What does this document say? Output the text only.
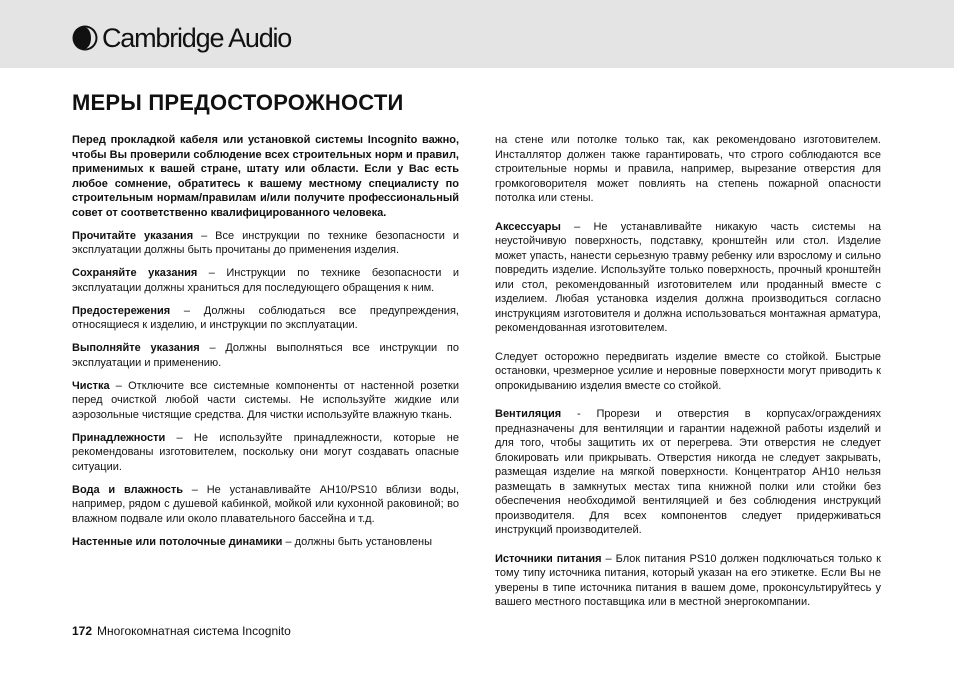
Cambridge Audio
МЕРЫ ПРЕДОСТОРОЖНОСТИ

Перед прокладкой кабеля или установкой системы Incognito важно, чтобы Вы проверили соблюдение всех строительных норм и правил, применимых к вашей стране, штату или области. Если у Вас есть любое сомнение, обратитесь к вашему местному специалисту по строительным нормам/правилам и/или получите профессиональный совет от соответственно квалифицированного человека.

Прочитайте указания – Все инструкции по технике безопасности и эксплуатации должны быть прочитаны до применения изделия.

Сохраняйте указания – Инструкции по технике безопасности и эксплуатации должны храниться для последующего обращения к ним.

Предостережения – Должны соблюдаться все предупреждения, относящиеся к изделию, и инструкции по эксплуатации.

Выполняйте указания – Должны выполняться все инструкции по эксплуатации и применению.

Чистка – Отключите все системные компоненты от настенной розетки перед очисткой любой части системы. Не используйте жидкие или аэрозольные чистящие средства. Для чистки используйте влажную ткань.

Принадлежности – Не используйте принадлежности, которые не рекомендованы изготовителем, поскольку они могут создавать опасные ситуации.

Вода и влажность – Не устанавливайте AH10/PS10 вблизи воды, например, рядом с душевой кабинкой, мойкой или кухонной раковиной; во влажном подвале или около плавательного бассейна и т.д.

Настенные или потолочные динамики – должны быть установлены

на стене или потолке только так, как рекомендовано изготовителем. Инсталлятор должен также гарантировать, что строго соблюдаются все строительные нормы и правила, например, вырезание отверстия для громкоговорителя может повлиять на степень пожарной опасности потолка или стены.

Аксессуары – Не устанавливайте никакую часть системы на неустойчивую поверхность, подставку, кронштейн или стол. Изделие может упасть, нанести серьезную травму ребенку или взрослому и сильно повредить изделие. Используйте только поверхность, прочный кронштейн или стол, рекомендованный изготовителем или проданный вместе с изделием. Любая установка изделия должна производиться согласно инструкциям изготовителя и должна использоваться монтажная арматура, рекомендованная изготовителем.

Следует осторожно передвигать изделие вместе со стойкой. Быстрые остановки, чрезмерное усилие и неровные поверхности могут приводить к опрокидыванию изделия вместе со стойкой.

Вентиляция - Прорези и отверстия в корпусах/ограждениях предназначены для вентиляции и гарантии надежной работы изделий и для того, чтобы защитить их от перегрева. Эти отверстия не следует блокировать или прикрывать. Отверстия никогда не следует закрывать, размещая изделие на мягкой поверхности. Концентратор AH10 нельзя размещать в замкнутых местах типа книжной полки или стойки без обеспечения необходимой вентиляцией и без соблюдения инструкций производителя. Для всех компонентов следует придерживаться инструкций производителей.

Источники питания – Блок питания PS10 должен подключаться только к тому типу источника питания, который указан на его этикетке. Если Вы не уверены в типе источника питания в вашем доме, проконсультируйтесь у вашего местного поставщика или в местной энергокомпании.

172 Многокомнатная система Incognito
